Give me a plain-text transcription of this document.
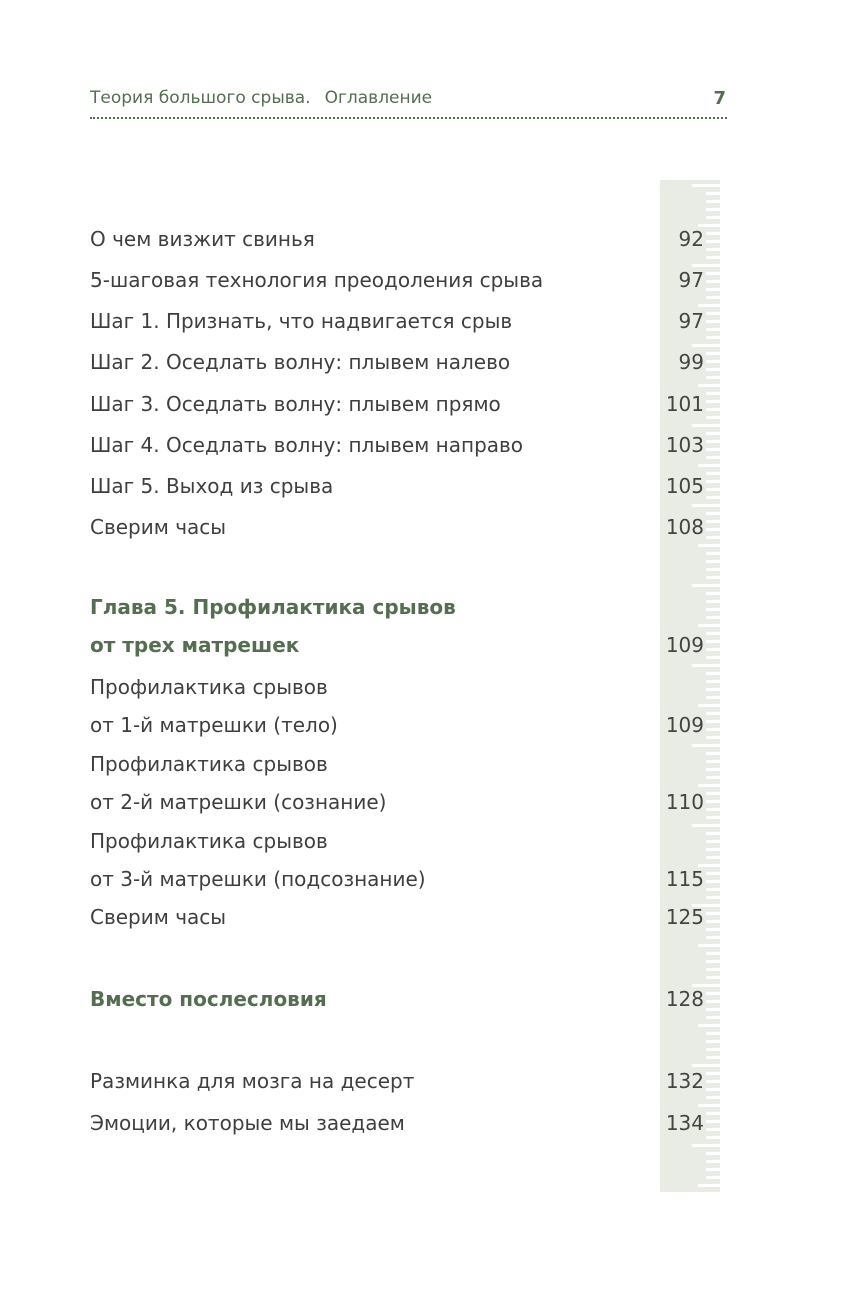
Теория большого срыва. Оглавление	7
О чем визжит свинья	92
5-шаговая технология преодоления срыва	97
Шаг 1. Признать, что надвигается срыв	97
Шаг 2. Оседлать волну: плывем налево	99
Шаг 3. Оседлать волну: плывем прямо	101
Шаг 4. Оседлать волну: плывем направо	103
Шаг 5. Выход из срыва	105
Сверим часы	108
Глава 5. Профилактика срывов
от трех матрешек	109
Профилактика срывов
от 1-й матрешки (тело)	109
Профилактика срывов
от 2-й матрешки (сознание)	110
Профилактика срывов
от 3-й матрешки (подсознание)	115
Сверим часы	125
Вместо послесловия	128
Разминка для мозга на десерт	132
Эмоции, которые мы заедаем	134
